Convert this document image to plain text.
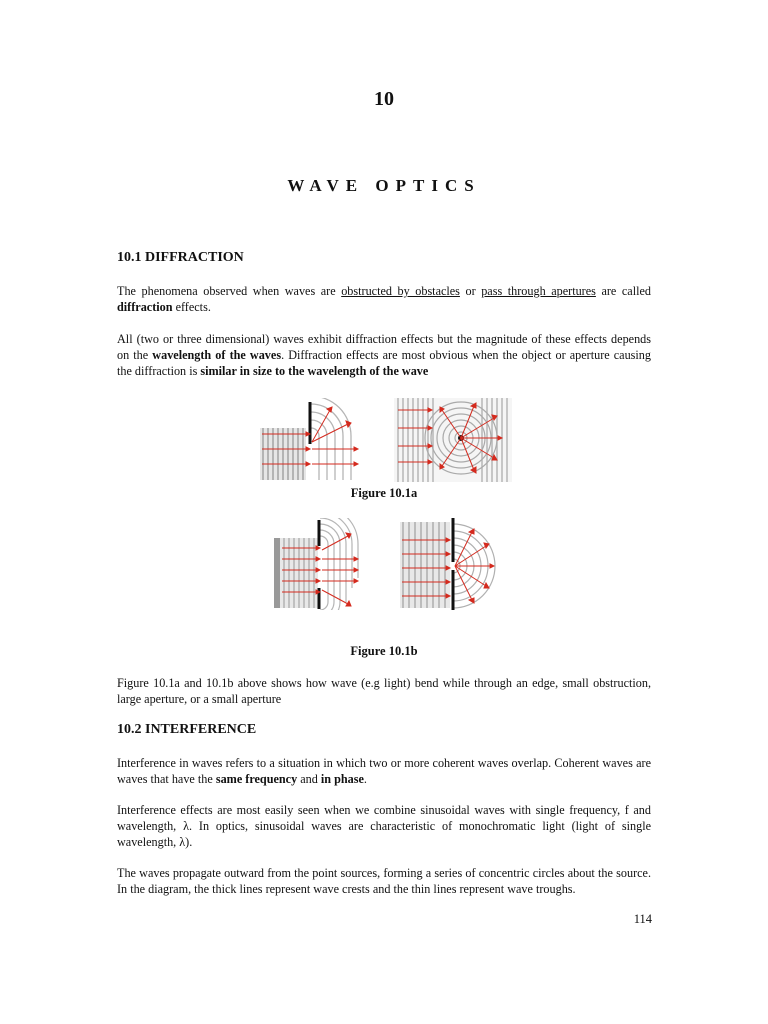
10
WAVE OPTICS
10.1 DIFFRACTION
The phenomena observed when waves are obstructed by obstacles or pass through apertures are called diffraction effects.
All (two or three dimensional) waves exhibit diffraction effects but the magnitude of these effects depends on the wavelength of the waves. Diffraction effects are most obvious when the object or aperture causing the diffraction is similar in size to the wavelength of the wave
Figure 10.1a
Figure 10.1b
Figure 10.1a and 10.1b above shows how wave (e.g light) bend while through an edge, small obstruction, large aperture, or a small aperture
10.2 INTERFERENCE
Interference in waves refers to a situation in which two or more coherent waves overlap. Coherent waves are waves that have the same frequency and in phase.
Interference effects are most easily seen when we combine sinusoidal waves with single frequency, f and wavelength, λ. In optics, sinusoidal waves are characteristic of monochromatic light (light of single wavelength, λ).
The waves propagate outward from the point sources, forming a series of concentric circles about the source. In the diagram, the thick lines represent wave crests and the thin lines represent wave troughs.
114
